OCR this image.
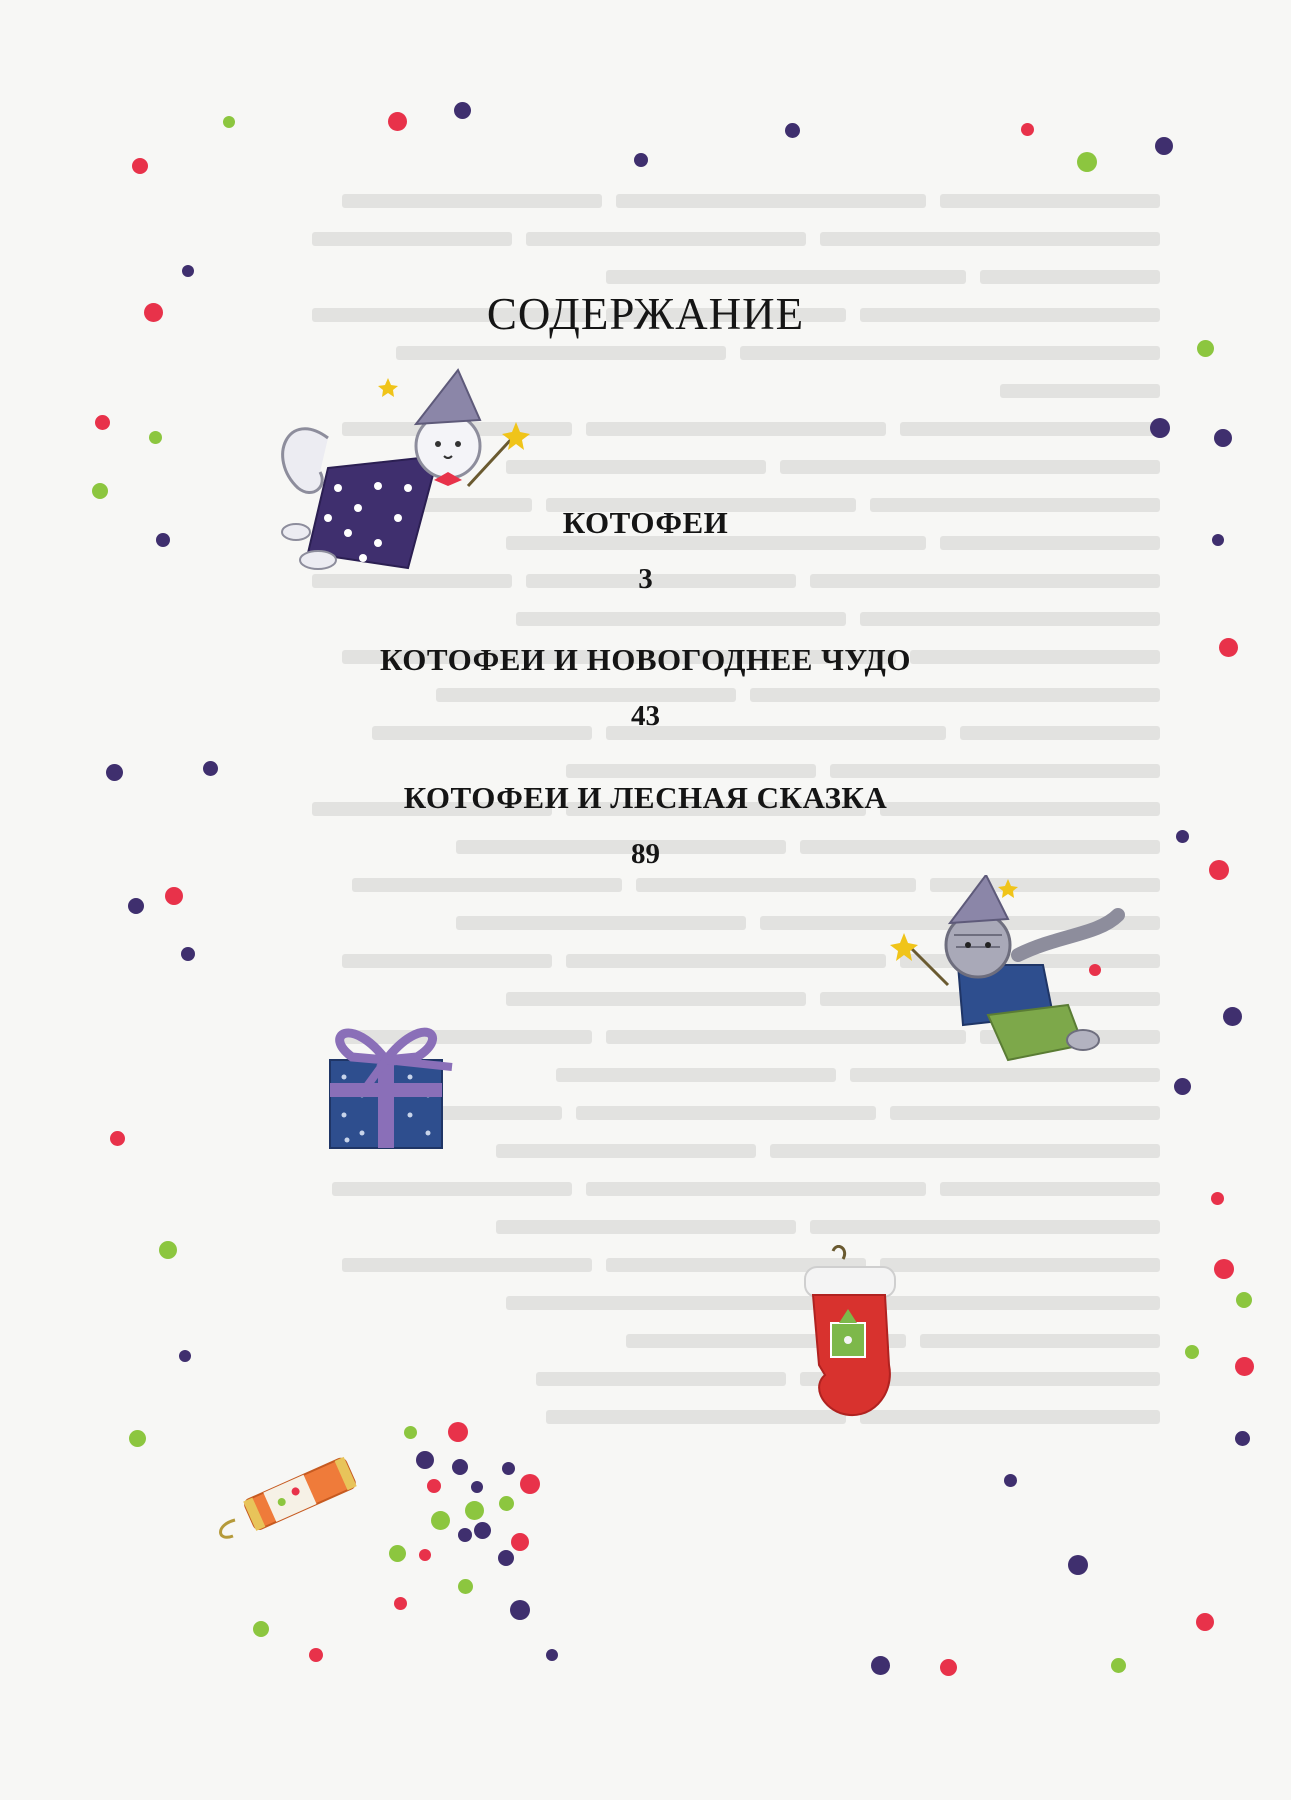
СОДЕРЖАНИЕ
КОТОФЕИ
3
КОТОФЕИ И НОВОГОДНЕЕ ЧУДО
43
КОТОФЕИ И ЛЕСНАЯ СКАЗКА
89
